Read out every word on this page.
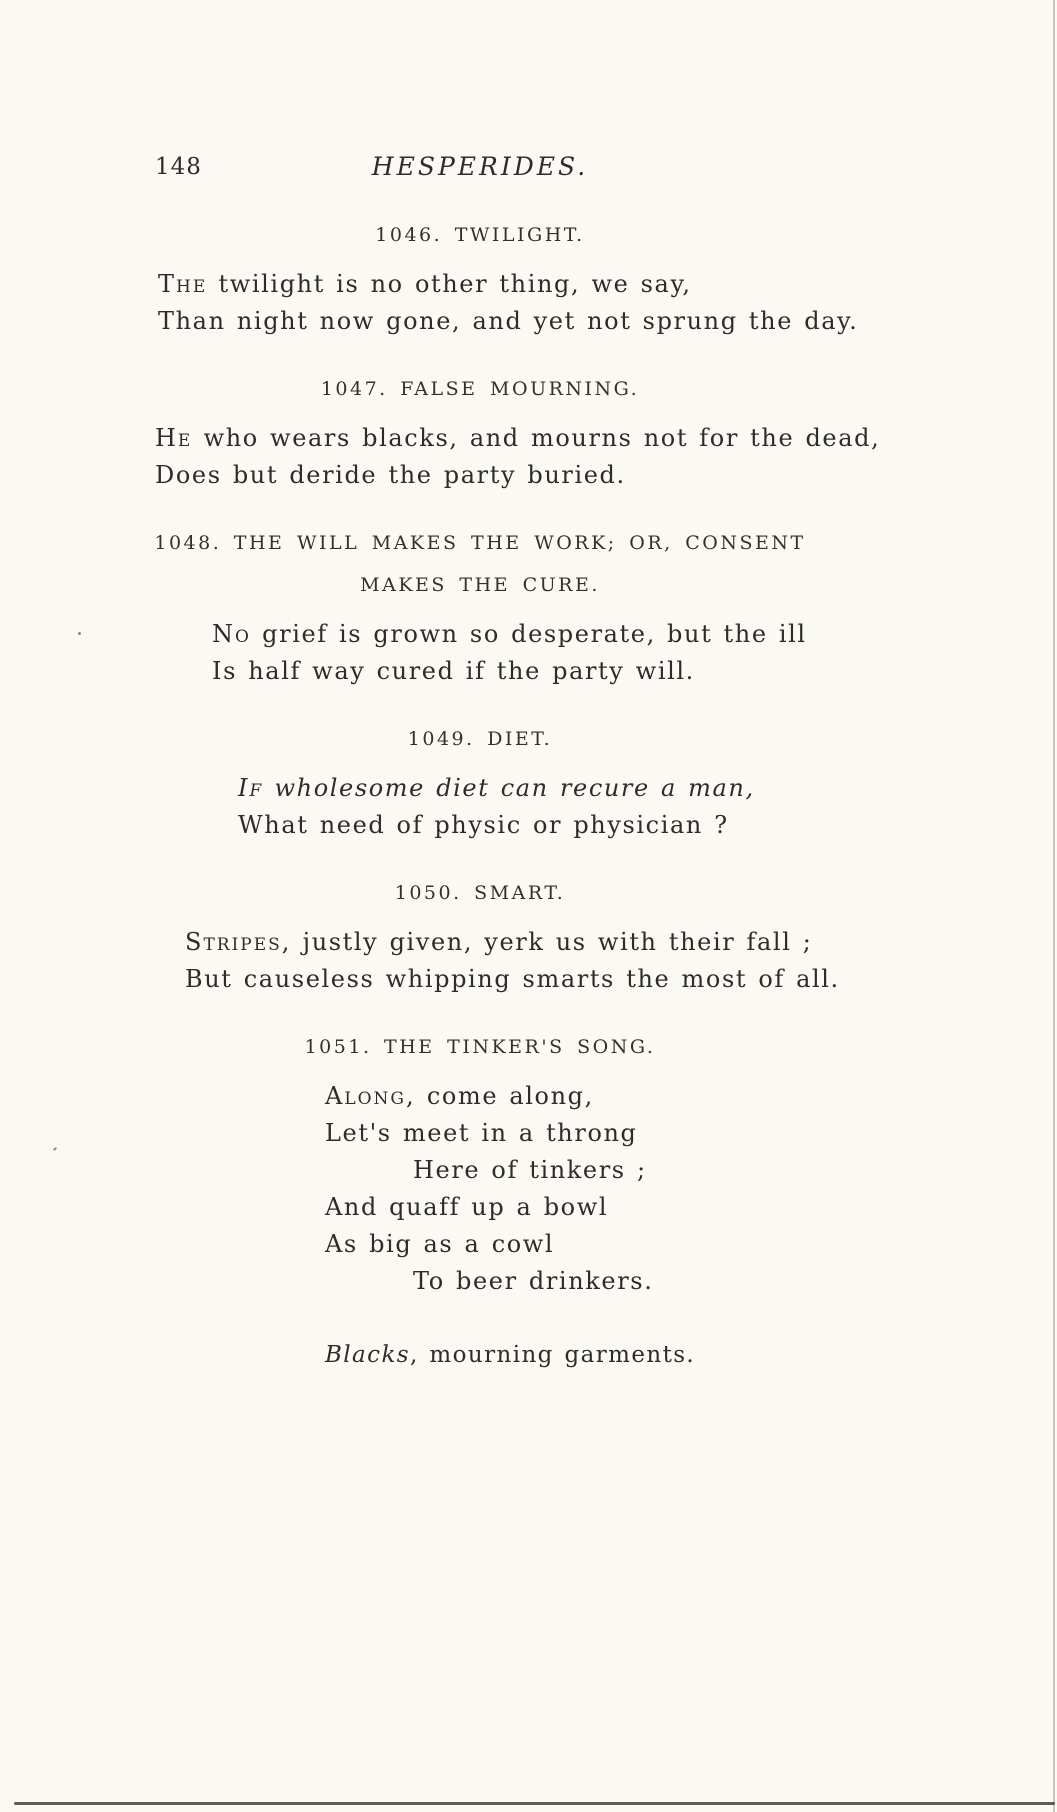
148	HESPERIDES.
1046. TWILIGHT.

The twilight is no other thing, we say,

Than night now gone, and yet not sprung the day.

1047. FALSE MOURNING.

He who wears blacks, and mourns not for the dead,

Does but deride the party buried.

1048. THE WILL MAKES THE WORK; OR, CONSENT
MAKES THE CURE.

No grief is grown so desperate, but the ill

Is half way cured if the party will.

1049. DIET.

If wholesome diet can recure a man,

What need of physic or physician ?

1050. SMART.

Stripes, justly given, yerk us with their fall ;

But causeless whipping smarts the most of all.

1051. THE TINKER'S SONG.

Along, come along,

Let's meet in a throng

Here of tinkers ;

And quaff up a bowl

As big as a cowl

To beer drinkers.

Blacks, mourning garments.
